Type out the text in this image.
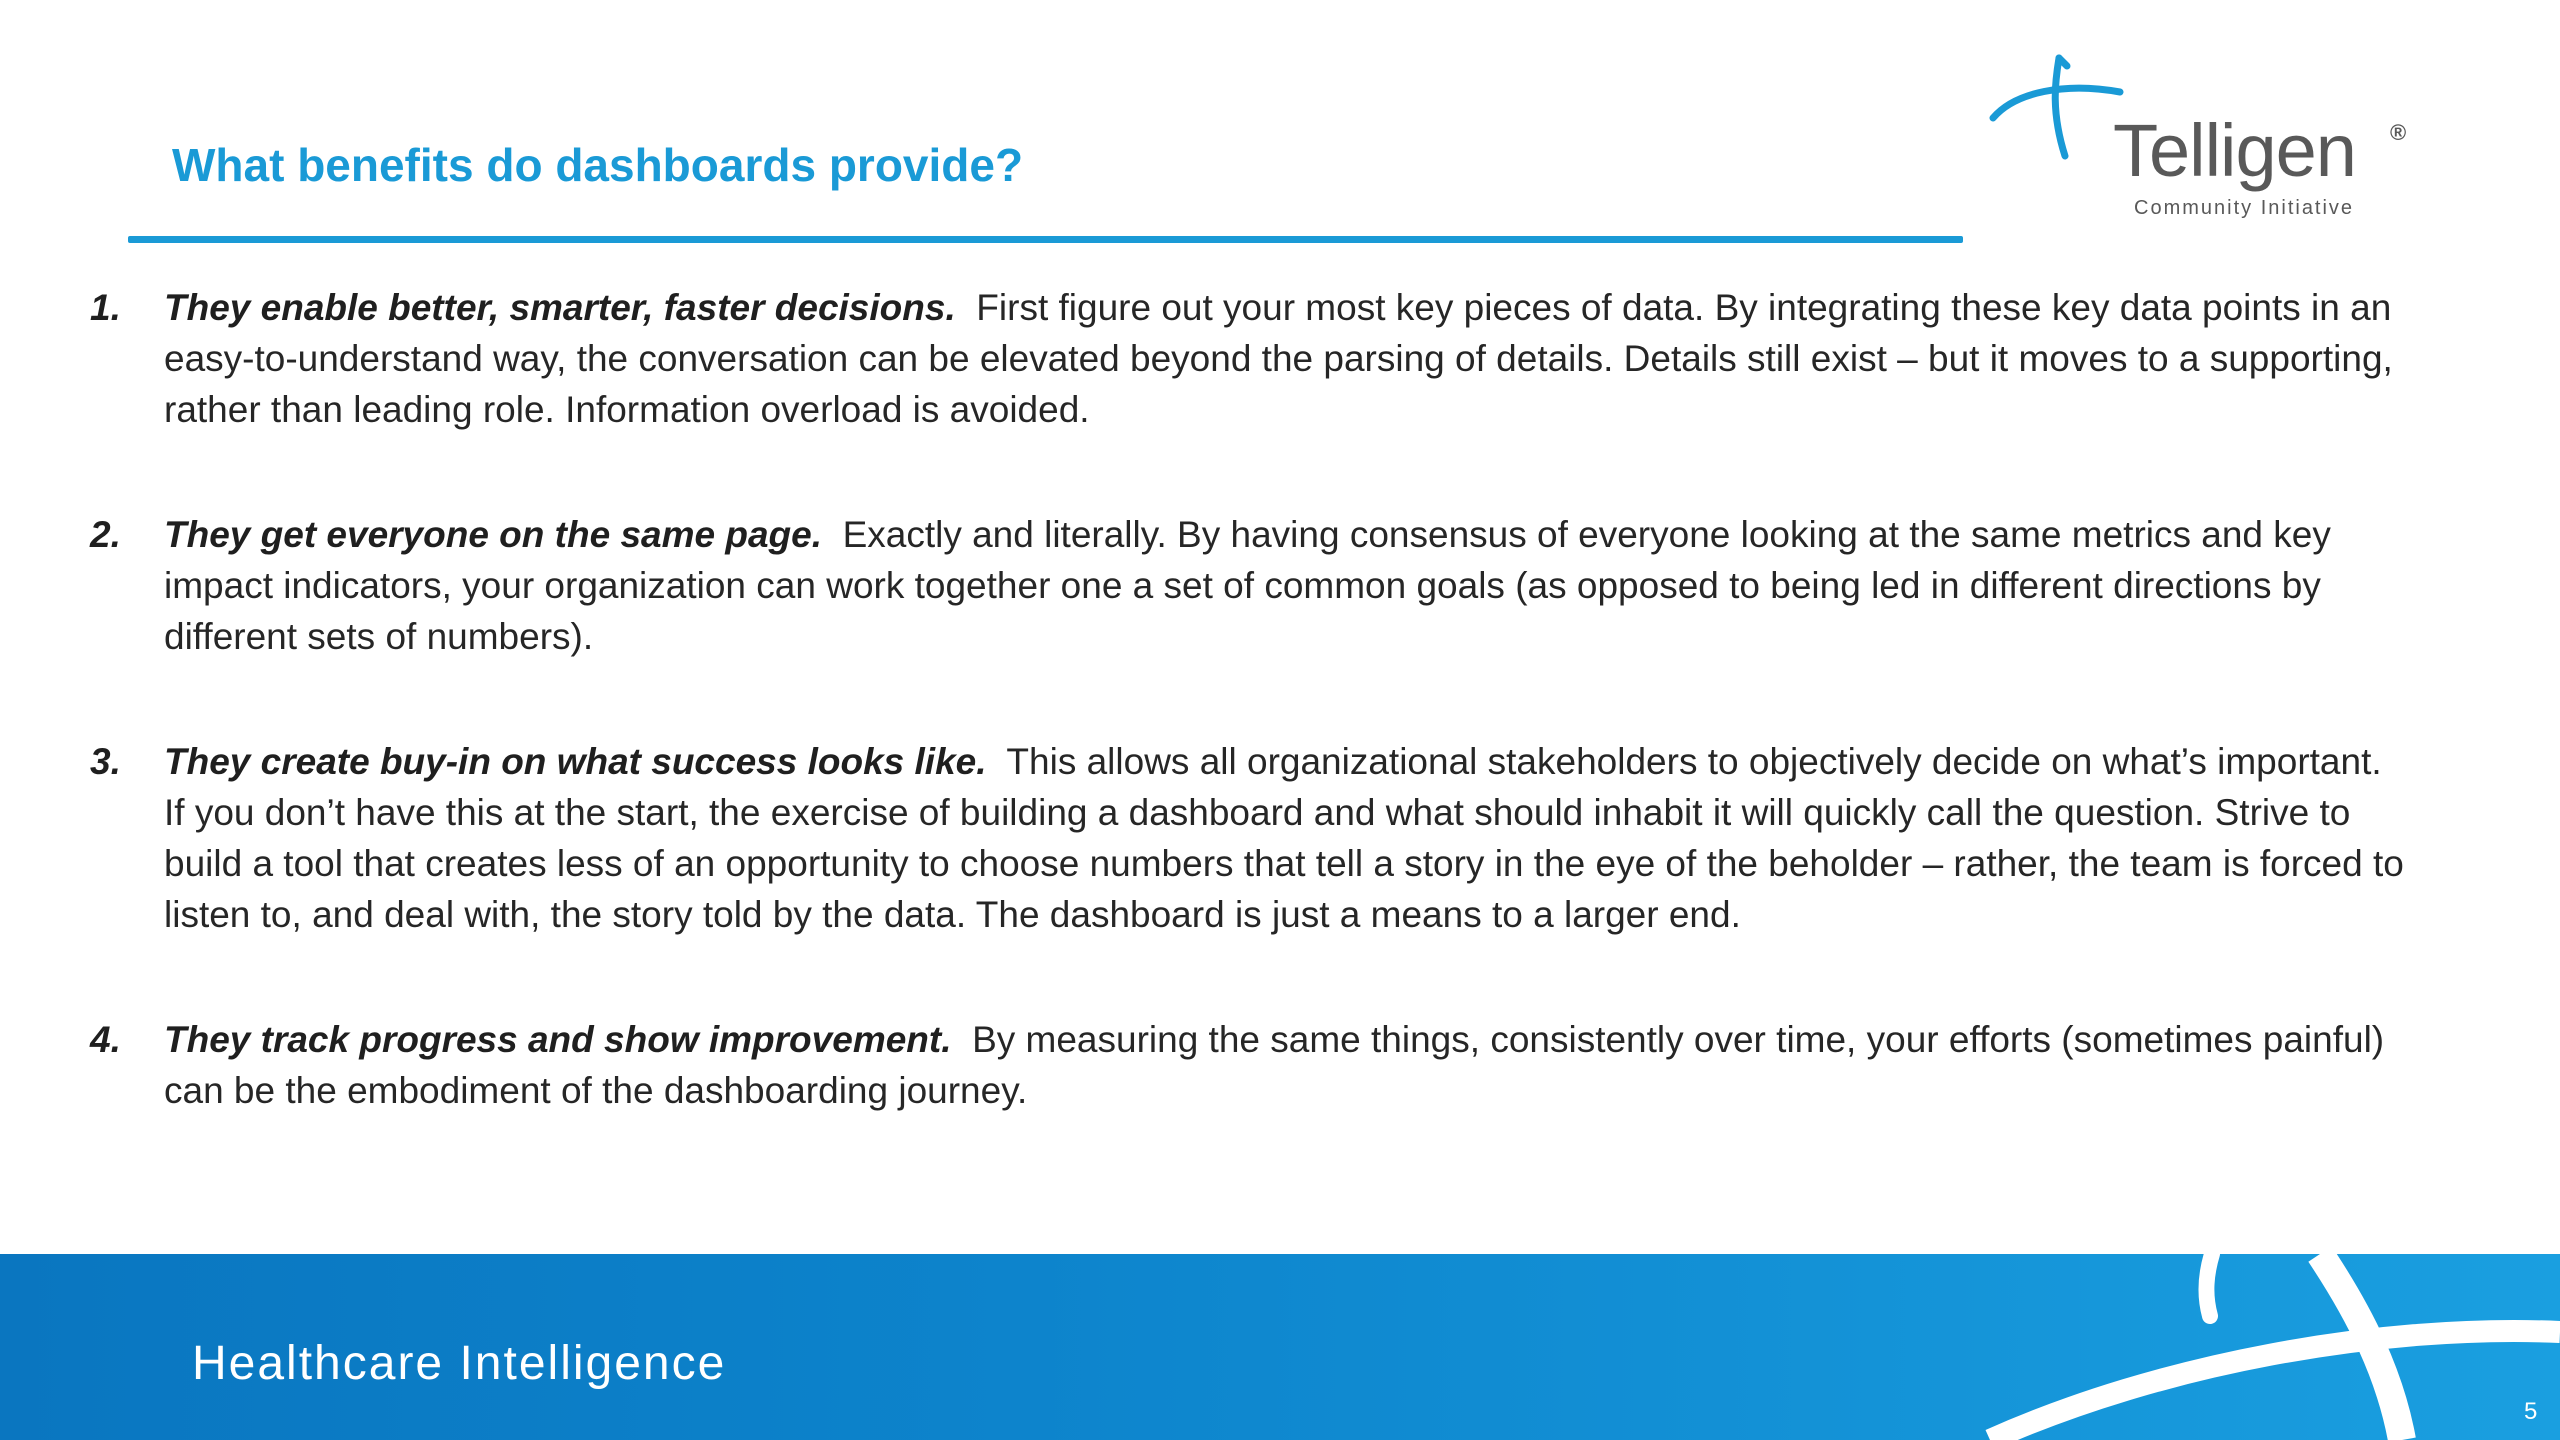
What benefits do dashboards provide?	Telligen ®
Community Initiative
1. They enable better, smarter, faster decisions. First figure out your most key pieces of data. By integrating these key data points in an easy-to-understand way, the conversation can be elevated beyond the parsing of details. Details still exist – but it moves to a supporting, rather than leading role. Information overload is avoided.
2. They get everyone on the same page. Exactly and literally. By having consensus of everyone looking at the same metrics and key impact indicators, your organization can work together one a set of common goals (as opposed to being led in different directions by different sets of numbers).
3. They create buy-in on what success looks like. This allows all organizational stakeholders to objectively decide on what’s important. If you don’t have this at the start, the exercise of building a dashboard and what should inhabit it will quickly call the question. Strive to build a tool that creates less of an opportunity to choose numbers that tell a story in the eye of the beholder – rather, the team is forced to listen to, and deal with, the story told by the data. The dashboard is just a means to a larger end.
4. They track progress and show improvement. By measuring the same things, consistently over time, your efforts (sometimes painful) can be the embodiment of the dashboarding journey.
Healthcare Intelligence
5
